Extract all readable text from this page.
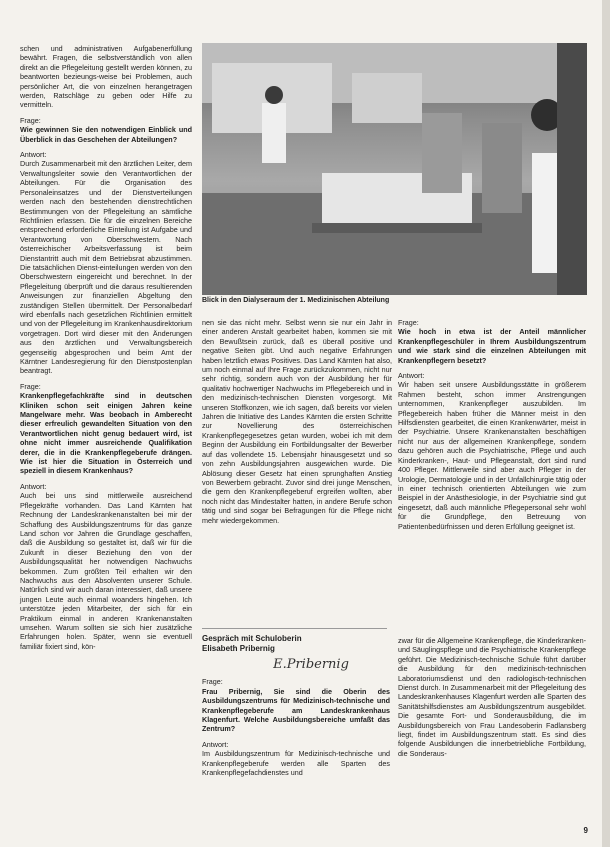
schen und administrativen Aufgabenerfüllung bewährt. Fragen, die selbstverständlich von allen direkt an die Pflegeleitung gestellt werden können, zu beantworten bezieungs-weise bei Problemen, auch persönlicher Art, die von einzelnen herangetragen werden, Ratschläge zu geben oder Hilfe zu vermitteln.

Frage:
Wie gewinnen Sie den notwendigen Einblick und Überblick in das Geschehen der Abteilungen?

Antwort:
Durch Zusammenarbeit mit den ärztlichen Leiter, dem Verwaltungsleiter sowie den Verantwortlichen der Abteilungen. Für die Organisation des Personaleinsatzes und der Dienstverteilungen werden nach den bestehenden dienstrechtlichen Bestimmungen von der Pflegeleitung an sämtliche Richtlinien erlassen. Die für die einzelnen Bereiche entsprechend erforderliche Einteilung ist Aufgabe und Verantwortung von Oberschwestern. Nach österreichischer Arbeitsverfassung ist beim Dienstantritt auch mit dem Betriebsrat abzustimmen. Die tatsächlichen Dienst-einteilungen werden von den Oberschwestern eingereicht und berechnet. In der Pflegeleitung überprüft und die daraus resultierenden Anweisungen zur finanziellen Abgeltung den zuständigen Stellen übermittelt. Der Personalbedarf wird ebenfalls nach gesetzlichen Richtlinien ermittelt und von der Pflegeleitung im Krankenhausdirektorium vorgetragen. Dort wird dieser mit den Änderungen aus den ärztlichen und Verwaltungsbereich gegenseitig abgesprochen und beim Amt der Kärntner Landesregierung für den Dienstpostenplan beantragt.

Frage:
Krankenpflegefachkräfte sind in deutschen Kliniken schon seit einigen Jahren keine Mangelware mehr. Was beobach in Amberecht dieser erfreulich gewandelten Situation von den Verantwortlichen nicht genug bedauert wird, ist ohne nicht immer ausreichende Qualifikation derer, die in die Krankenpflegeberufe drängen. Wie ist hier die Situation in Österreich und speziell in diesem Krankenhaus?

Antwort:
Auch bei uns sind mittlerweile ausreichend Pflegekräfte vorhanden. Das Land Kärnten hat Rechnung der Landeskrankenanstalten bei mir der Schaffung des Ausbildungszentrums für das ganze Land schon vor Jahren die Grundlage geschaffen, daß die Ausbildung so gestaltet ist, daß wir für die Zukunft in dieser Beziehung den von der Ausbildungsqualität her notwendigen Nachwuchs bekommen. Zum größten Teil erhalten wir den Nachwuchs aus den Absolventen unserer Schule. Natürlich sind wir auch daran interessiert, daß unsere jungen Leute auch einmal woanders hingehen. Ich unterstütze jeden Mitarbeiter, der sich für ein Praktikum einmal in anderen Krankenanstalten umsehen. Warum sollten sie sich hier zusätzliche Erfahrungen holen. Später, wenn sie eventuell familiär fixiert sind, kön-

Blick in den Dialyseraum der 1. Medizinischen Abteilung

nen sie das nicht mehr. Selbst wenn sie nur ein Jahr in einer anderen Anstalt gearbeitet haben, kommen sie mit den Bewußtsein zurück, daß es überall positive und negative Seiten gibt. Und auch negative Erfahrungen haben letztlich etwas Positives. Das Land Kärnten hat also, um noch einmal auf Ihre Frage zurückzukommen, nicht nur sehr richtig, sondern auch von der Ausbildung her für qualitativ hochwertiger Nachwuchs im Pflegebereich und in den medizinisch-technischen Diensten vorgesorgt. Mit unseren Stoffkonzen, wie ich sagen, daß bereits vor vielen Jahren die Initiative des Landes Kärnten die ersten Schritte zur Novellierung des österreichischen Krankenpflegegesetzes getan wurden, wobei ich mit dem Beginn der Ausbildung ein Fortbildungsalter der Bewerber auf das vollendete 15. Lebensjahr hinausgesetzt und so von zehn Ausbildungsjahren ausgewichen wurde. Die Ablösung dieser Gesetz hat einen sprunghaften Anstieg von Bewerbern gebracht. Zuvor sind drei junge Menschen, die gern den Krankenpflegeberuf ergreifen wollten, aber noch nicht das Mindestalter hatten, in andere Berufe schon tätig und sind sogar bei Befragungen für die Pflege nicht mehr wiedergekommen.

Frage:
Wie hoch in etwa ist der Anteil männlicher Krankenpflegeschüler in Ihrem Ausbildungszentrum und wie stark sind die einzelnen Abteilungen mit Krankenpflegern besetzt?

Antwort:
Wir haben seit unsere Ausbildungsstätte in größerem Rahmen besteht, schon immer Anstrengungen unternommen, Krankenpfleger auszubilden. Im Pflegebereich haben früher die Männer meist in den Hilfsdiensten gearbeitet, die einen Krankenwärter, meist in der Psychiatrie. Unsere Krankenanstalten beschäftigen nicht nur aus der allgemeinen Krankenpflege, sondern dazu gehören auch die Psychiatrische, Pflege und auch Kinderkranken-, Haut- und Pflegeanstalt, dort sind rund 400 Pfleger. Mittlerweile sind aber auch Pfleger in der Urologie, Dermatologie und in der Unfallchirurgie tätig oder in einer technisch orientierten Abteilungen wie zum Beispiel in der Anästhesiologie, in der Psychiatrie sind gut eingesetzt, daß auch männliche Pflegepersonal sehr wohl für die Grundpflege, den Betreuung von Patientenbedürfnissen und deren Erfüllung geeignet ist.

Gespräch mit Schuloberin
Elisabeth Pribernig
E.Pribernig

Frage:
Frau Pribernig, Sie sind die Oberin des Ausbildungszentrums für Medizinisch-technische und Krankenpflegeberufe am Landeskrankenhaus Klagenfurt. Welche Ausbildungsbereiche umfaßt das Zentrum?

Antwort:
Im Ausbildungszentrum für Medizinisch-technische und Krankenpflegeberufe werden alle Sparten des Krankenpflegefachdienstes und

zwar für die Allgemeine Krankenpflege, die Kinderkranken- und Säuglingspflege und die Psychiatrische Krankenpflege geführt. Die Medizinisch-technische Schule führt darüber die Ausbildung für den medizinisch-technischen Laboratoriumsdienst und den radiologisch-technischen Dienst durch. In Zusammenarbeit mit der Pflegeleitung des Landeskrankenhauses Klagenfurt werden alle Sparten des Sanitätshilfsdienstes am Ausbildungszentrum ausgebildet. Die gesamte Fort- und Sonderausbildung, die im Ausbildungsbereich von Frau Landesoberin Fadlansberg liegt, findet im Ausbildungszentrum statt. Es sind dies folgende Ausbildungen die innerbetriebliche Fortbildung, die Sonderaus-

9
